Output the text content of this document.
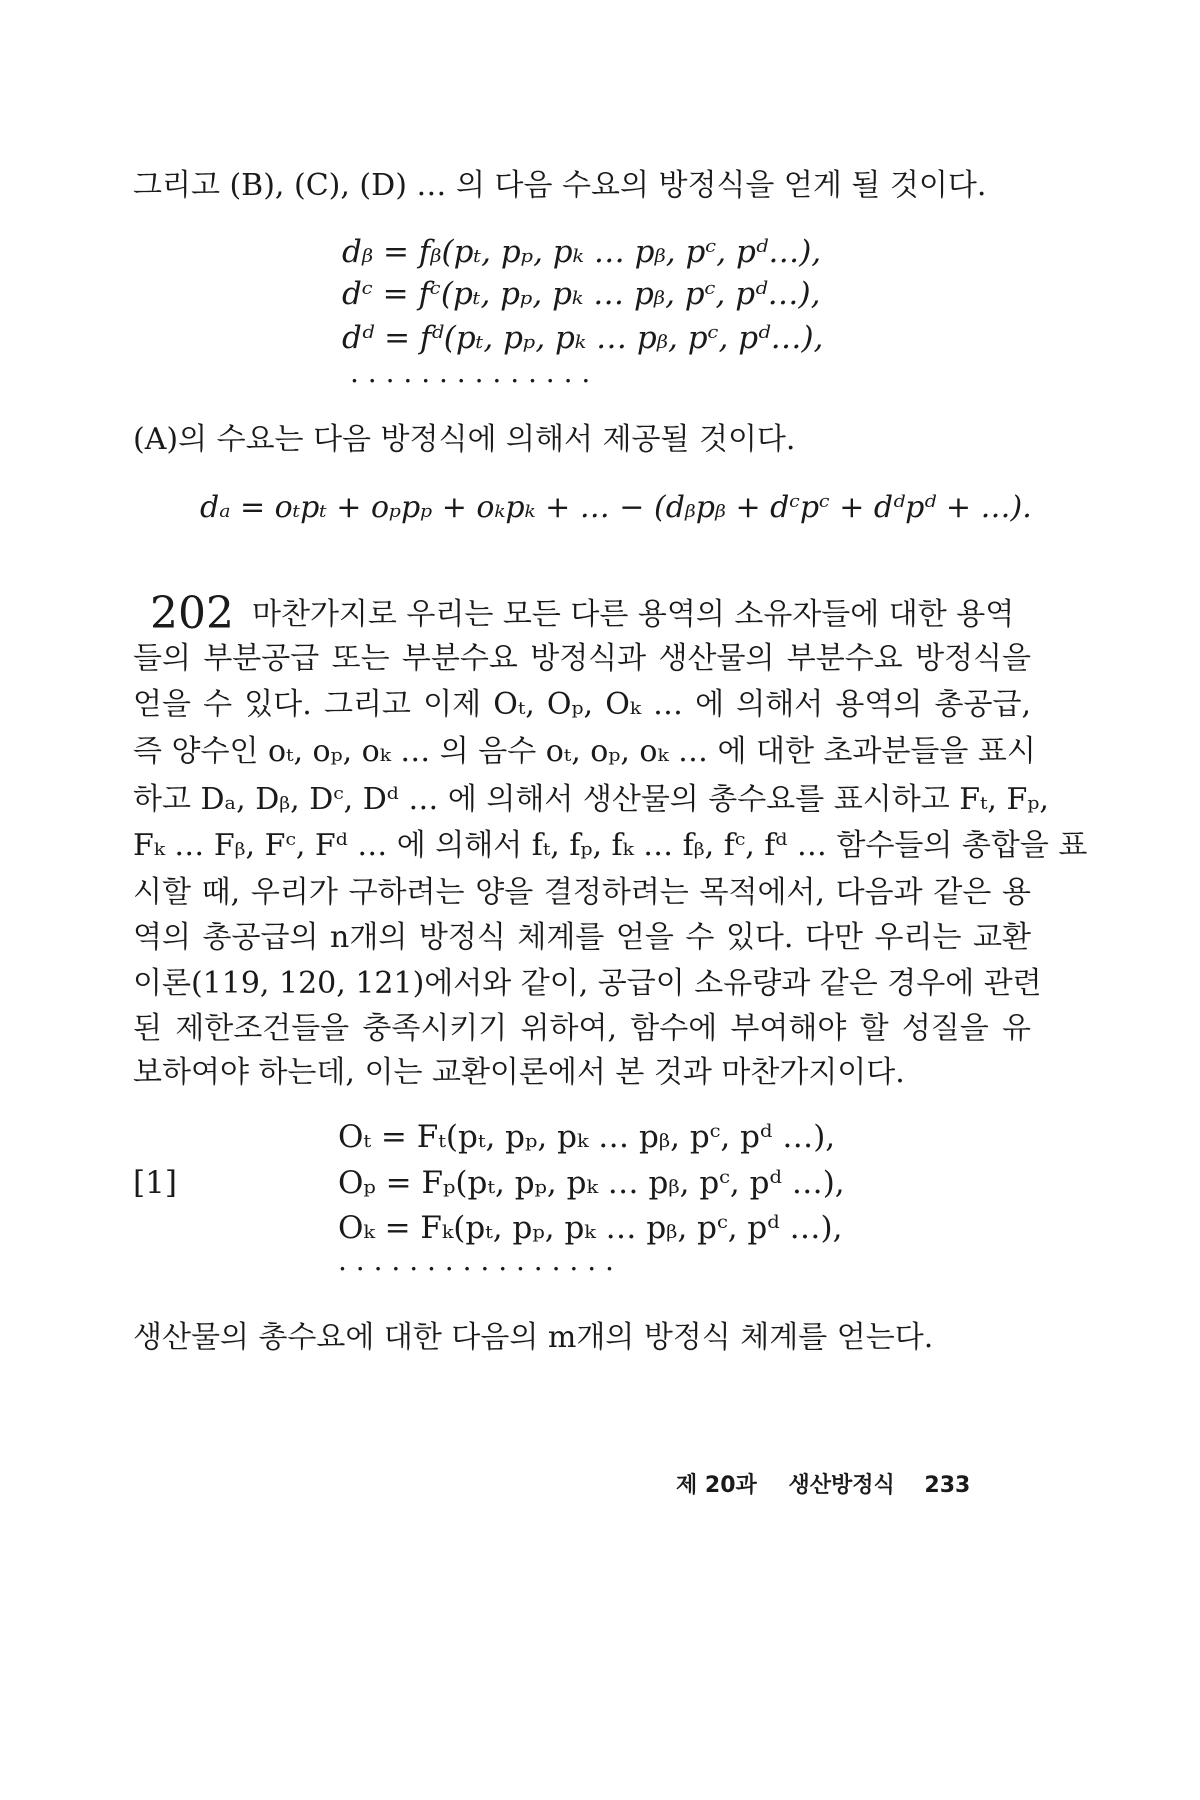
그리고 (B), (C), (D) … 의 다음 수요의 방정식을 얻게 될 것이다.
dᵦ = fᵦ(pₜ, pₚ, pₖ … pᵦ, pᶜ, pᵈ…),
dᶜ = fᶜ(pₜ, pₚ, pₖ … pᵦ, pᶜ, pᵈ…),
dᵈ = fᵈ(pₜ, pₚ, pₖ … pᵦ, pᶜ, pᵈ…),
. . . . . . . . . . . . . .
(A)의 수요는 다음 방정식에 의해서 제공될 것이다.
dₐ = oₜpₜ + oₚpₚ + oₖpₖ + … − (dᵦpᵦ + dᶜpᶜ + dᵈpᵈ + …).
202 마찬가지로 우리는 모든 다른 용역의 소유자들에 대한 용역
들의 부분공급 또는 부분수요 방정식과 생산물의 부분수요 방정식을
얻을 수 있다. 그리고 이제 Oₜ, Oₚ, Oₖ … 에 의해서 용역의 총공급,
즉 양수인 oₜ, oₚ, oₖ … 의 음수 oₜ, oₚ, oₖ … 에 대한 초과분들을 표시
하고 Dₐ, Dᵦ, Dᶜ, Dᵈ … 에 의해서 생산물의 총수요를 표시하고 Fₜ, Fₚ,
Fₖ … Fᵦ, Fᶜ, Fᵈ … 에 의해서 fₜ, fₚ, fₖ … fᵦ, fᶜ, fᵈ … 함수들의 총합을 표
시할 때, 우리가 구하려는 양을 결정하려는 목적에서, 다음과 같은 용
역의 총공급의 n개의 방정식 체계를 얻을 수 있다. 다만 우리는 교환
이론(119, 120, 121)에서와 같이, 공급이 소유량과 같은 경우에 관련
된 제한조건들을 충족시키기 위하여, 함수에 부여해야 할 성질을 유
보하여야 하는데, 이는 교환이론에서 본 것과 마찬가지이다.
[1]
Oₜ = Fₜ(pₜ, pₚ, pₖ … pᵦ, pᶜ, pᵈ …),
Oₚ = Fₚ(pₜ, pₚ, pₖ … pᵦ, pᶜ, pᵈ …),
Oₖ = Fₖ(pₜ, pₚ, pₖ … pᵦ, pᶜ, pᵈ …),
. . . . . . . . . . . . . . . .
생산물의 총수요에 대한 다음의 m개의 방정식 체계를 얻는다.
제 20과 생산방정식 233
